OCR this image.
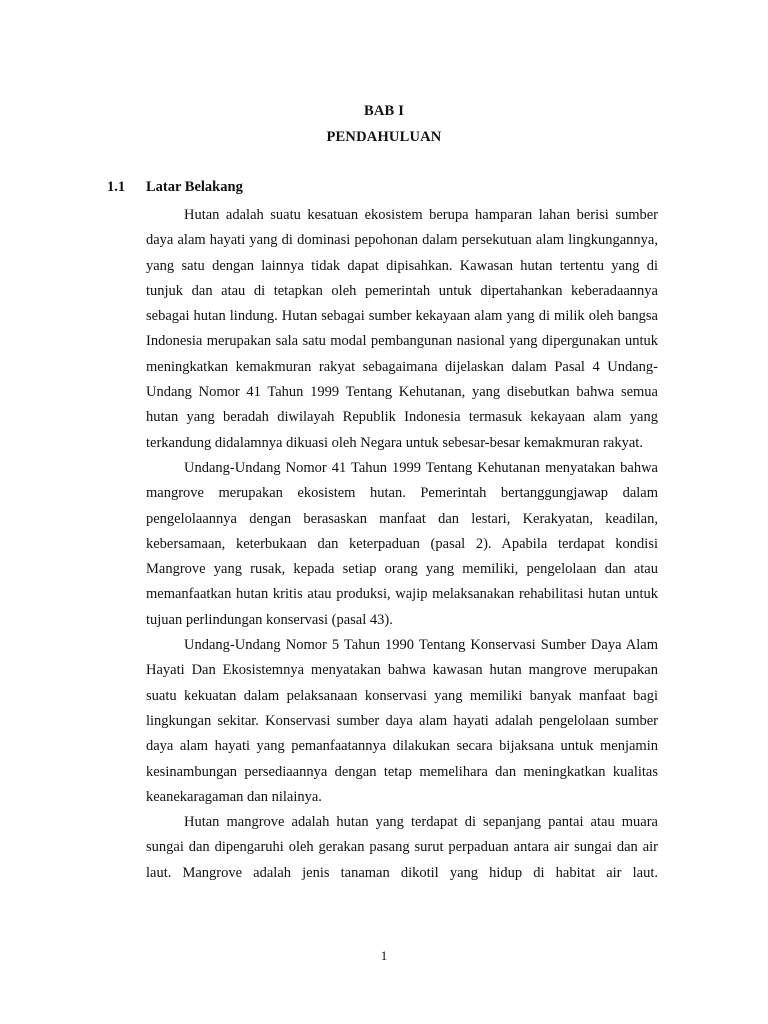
BAB I
PENDAHULUAN
1.1 Latar Belakang

Hutan adalah suatu kesatuan ekosistem berupa hamparan lahan berisi sumber daya alam hayati yang di dominasi pepohonan dalam persekutuan alam lingkungannya, yang satu dengan lainnya tidak dapat dipisahkan. Kawasan hutan tertentu yang di tunjuk dan atau di tetapkan oleh pemerintah untuk dipertahankan keberadaannya sebagai hutan lindung. Hutan sebagai sumber kekayaan alam yang di milik oleh bangsa Indonesia merupakan sala satu modal pembangunan nasional yang dipergunakan untuk meningkatkan kemakmuran rakyat sebagaimana dijelaskan dalam Pasal 4 Undang-Undang Nomor 41 Tahun 1999 Tentang Kehutanan, yang disebutkan bahwa semua hutan yang beradah diwilayah Republik Indonesia termasuk kekayaan alam yang terkandung didalamnya dikuasi oleh Negara untuk sebesar-besar kemakmuran rakyat.

Undang-Undang Nomor 41 Tahun 1999 Tentang Kehutanan menyatakan bahwa mangrove merupakan ekosistem hutan. Pemerintah bertanggungjawap dalam pengelolaannya dengan berasaskan manfaat dan lestari, Kerakyatan, keadilan, kebersamaan, keterbukaan dan keterpaduan (pasal 2). Apabila terdapat kondisi Mangrove yang rusak, kepada setiap orang yang memiliki, pengelolaan dan atau memanfaatkan hutan kritis atau produksi, wajip melaksanakan rehabilitasi hutan untuk tujuan perlindungan konservasi (pasal 43).

Undang-Undang Nomor 5 Tahun 1990 Tentang Konservasi Sumber Daya Alam Hayati Dan Ekosistemnya menyatakan bahwa kawasan hutan mangrove merupakan suatu kekuatan dalam pelaksanaan konservasi yang memiliki banyak manfaat bagi lingkungan sekitar. Konservasi sumber daya alam hayati adalah pengelolaan sumber daya alam hayati yang pemanfaatannya dilakukan secara bijaksana untuk menjamin kesinambungan persediaannya dengan tetap memelihara dan meningkatkan kualitas keanekaragaman dan nilainya.

Hutan mangrove adalah hutan yang terdapat di sepanjang pantai atau muara sungai dan dipengaruhi oleh gerakan pasang surut perpaduan antara air sungai dan air laut. Mangrove adalah jenis tanaman dikotil yang hidup di habitat air laut.

1
